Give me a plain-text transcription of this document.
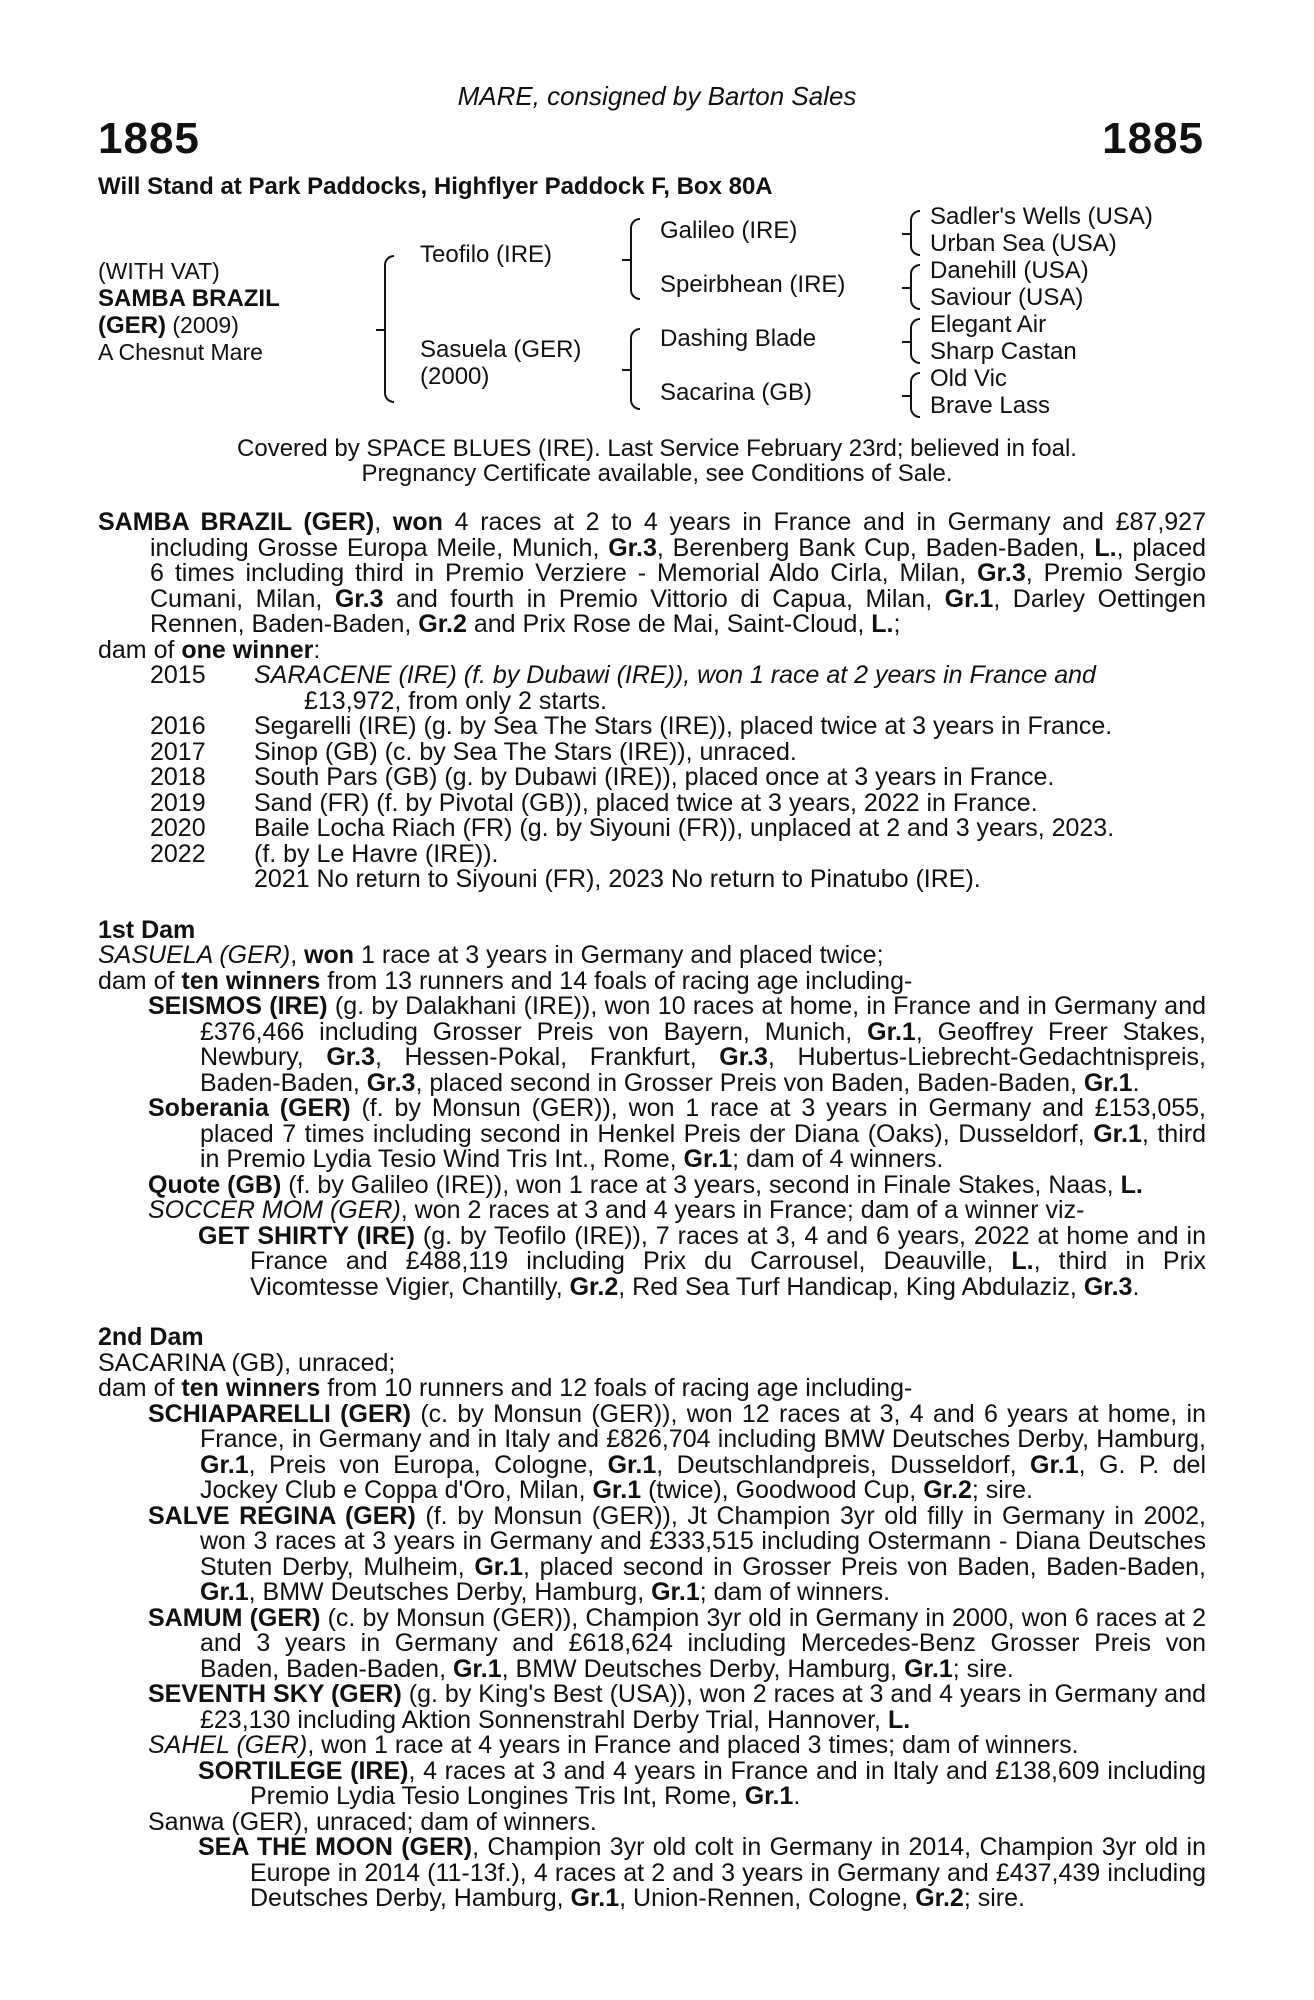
MARE, consigned by Barton Sales
1885	1885
Will Stand at Park Paddocks, Highflyer Paddock F, Box 80A
(WITH VAT)
SAMBA BRAZIL
(GER) (2009)
A Chesnut Mare
Teofilo (IRE)
Sasuela (GER)
(2000)
Galileo (IRE)
Speirbhean (IRE)
Dashing Blade
Sacarina (GB)
Sadler's Wells (USA)
Urban Sea (USA)
Danehill (USA)
Saviour (USA)
Elegant Air
Sharp Castan
Old Vic
Brave Lass
Covered by SPACE BLUES (IRE). Last Service February 23rd; believed in foal.
Pregnancy Certificate available, see Conditions of Sale.
SAMBA BRAZIL (GER), won 4 races at 2 to 4 years in France and in Germany and £87,927 including Grosse Europa Meile, Munich, Gr.3, Berenberg Bank Cup, Baden-Baden, L., placed 6 times including third in Premio Verziere - Memorial Aldo Cirla, Milan, Gr.3, Premio Sergio Cumani, Milan, Gr.3 and fourth in Premio Vittorio di Capua, Milan, Gr.1, Darley Oettingen Rennen, Baden-Baden, Gr.2 and Prix Rose de Mai, Saint-Cloud, L.;
dam of one winner:
2015	SARACENE (IRE) (f. by Dubawi (IRE)), won 1 race at 2 years in France and
£13,972, from only 2 starts.
2016	Segarelli (IRE) (g. by Sea The Stars (IRE)), placed twice at 3 years in France.
2017	Sinop (GB) (c. by Sea The Stars (IRE)), unraced.
2018	South Pars (GB) (g. by Dubawi (IRE)), placed once at 3 years in France.
2019	Sand (FR) (f. by Pivotal (GB)), placed twice at 3 years, 2022 in France.
2020	Baile Locha Riach (FR) (g. by Siyouni (FR)), unplaced at 2 and 3 years, 2023.
2022	(f. by Le Havre (IRE)).
2021 No return to Siyouni (FR), 2023 No return to Pinatubo (IRE).
1st Dam
SASUELA (GER), won 1 race at 3 years in Germany and placed twice;
dam of ten winners from 13 runners and 14 foals of racing age including-
SEISMOS (IRE) (g. by Dalakhani (IRE)), won 10 races at home, in France and in Germany and £376,466 including Grosser Preis von Bayern, Munich, Gr.1, Geoffrey Freer Stakes, Newbury, Gr.3, Hessen-Pokal, Frankfurt, Gr.3, Hubertus-Liebrecht-Gedachtnispreis, Baden-Baden, Gr.3, placed second in Grosser Preis von Baden, Baden-Baden, Gr.1.
Soberania (GER) (f. by Monsun (GER)), won 1 race at 3 years in Germany and £153,055, placed 7 times including second in Henkel Preis der Diana (Oaks), Dusseldorf, Gr.1, third in Premio Lydia Tesio Wind Tris Int., Rome, Gr.1; dam of 4 winners.
Quote (GB) (f. by Galileo (IRE)), won 1 race at 3 years, second in Finale Stakes, Naas, L.
SOCCER MOM (GER), won 2 races at 3 and 4 years in France; dam of a winner viz-
GET SHIRTY (IRE) (g. by Teofilo (IRE)), 7 races at 3, 4 and 6 years, 2022 at home and in France and £488,119 including Prix du Carrousel, Deauville, L., third in Prix Vicomtesse Vigier, Chantilly, Gr.2, Red Sea Turf Handicap, King Abdulaziz, Gr.3.
2nd Dam
SACARINA (GB), unraced;
dam of ten winners from 10 runners and 12 foals of racing age including-
SCHIAPARELLI (GER) (c. by Monsun (GER)), won 12 races at 3, 4 and 6 years at home, in France, in Germany and in Italy and £826,704 including BMW Deutsches Derby, Hamburg, Gr.1, Preis von Europa, Cologne, Gr.1, Deutschlandpreis, Dusseldorf, Gr.1, G. P. del Jockey Club e Coppa d'Oro, Milan, Gr.1 (twice), Goodwood Cup, Gr.2; sire.
SALVE REGINA (GER) (f. by Monsun (GER)), Jt Champion 3yr old filly in Germany in 2002, won 3 races at 3 years in Germany and £333,515 including Ostermann - Diana Deutsches Stuten Derby, Mulheim, Gr.1, placed second in Grosser Preis von Baden, Baden-Baden, Gr.1, BMW Deutsches Derby, Hamburg, Gr.1; dam of winners.
SAMUM (GER) (c. by Monsun (GER)), Champion 3yr old in Germany in 2000, won 6 races at 2 and 3 years in Germany and £618,624 including Mercedes-Benz Grosser Preis von Baden, Baden-Baden, Gr.1, BMW Deutsches Derby, Hamburg, Gr.1; sire.
SEVENTH SKY (GER) (g. by King's Best (USA)), won 2 races at 3 and 4 years in Germany and £23,130 including Aktion Sonnenstrahl Derby Trial, Hannover, L.
SAHEL (GER), won 1 race at 4 years in France and placed 3 times; dam of winners.
SORTILEGE (IRE), 4 races at 3 and 4 years in France and in Italy and £138,609 including Premio Lydia Tesio Longines Tris Int, Rome, Gr.1.
Sanwa (GER), unraced; dam of winners.
SEA THE MOON (GER), Champion 3yr old colt in Germany in 2014, Champion 3yr old in Europe in 2014 (11-13f.), 4 races at 2 and 3 years in Germany and £437,439 including Deutsches Derby, Hamburg, Gr.1, Union-Rennen, Cologne, Gr.2; sire.
